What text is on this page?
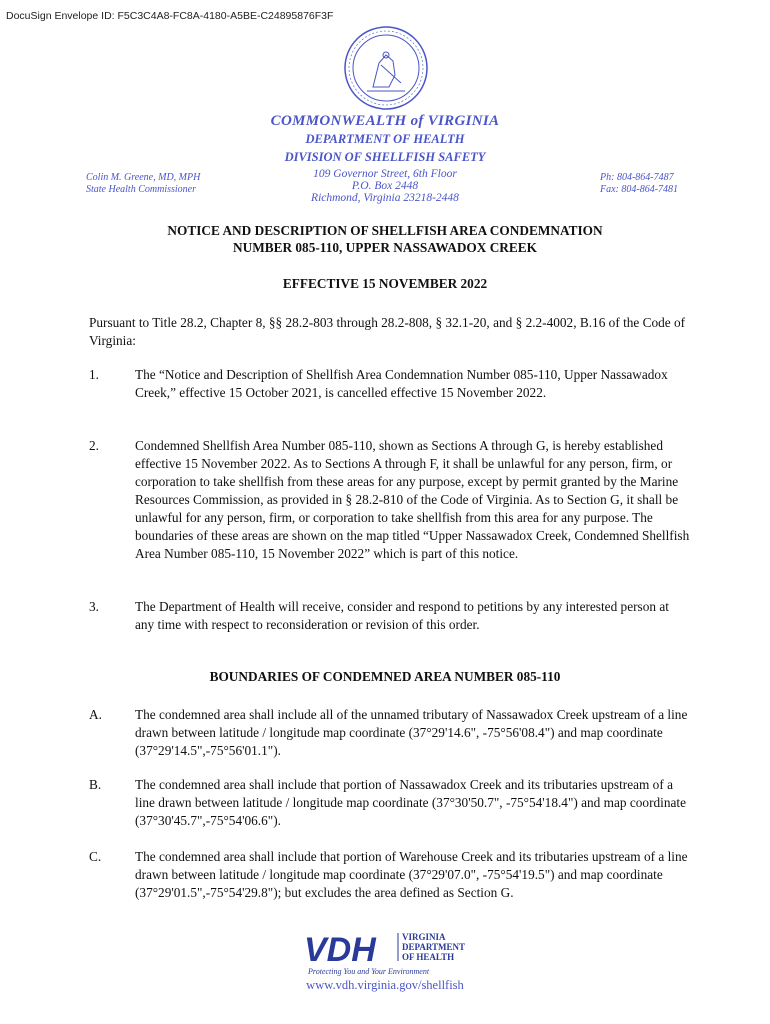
DocuSign Envelope ID: F5C3C4A8-FC8A-4180-A5BE-C24895876F3F
COMMONWEALTH of VIRGINIA
DEPARTMENT OF HEALTH
DIVISION OF SHELLFISH SAFETY
109 Governor Street, 6th Floor
P.O. Box 2448
Richmond, Virginia 23218-2448
Colin M. Greene, MD, MPH
State Health Commissioner
Ph: 804-864-7487
Fax: 804-864-7481
NOTICE AND DESCRIPTION OF SHELLFISH AREA CONDEMNATION
NUMBER 085-110, UPPER NASSAWADOX CREEK
EFFECTIVE 15 NOVEMBER 2022
Pursuant to Title 28.2, Chapter 8, §§ 28.2-803 through 28.2-808, § 32.1-20, and § 2.2-4002, B.16 of the Code of Virginia:
1.	The “Notice and Description of Shellfish Area Condemnation Number 085-110, Upper Nassawadox Creek,” effective 15 October 2021, is cancelled effective 15 November 2022.
2.	Condemned Shellfish Area Number 085-110, shown as Sections A through G, is hereby established effective 15 November 2022. As to Sections A through F, it shall be unlawful for any person, firm, or corporation to take shellfish from these areas for any purpose, except by permit granted by the Marine Resources Commission, as provided in § 28.2-810 of the Code of Virginia. As to Section G, it shall be unlawful for any person, firm, or corporation to take shellfish from this area for any purpose. The boundaries of these areas are shown on the map titled “Upper Nassawadox Creek, Condemned Shellfish Area Number 085-110, 15 November 2022” which is part of this notice.
3.	The Department of Health will receive, consider and respond to petitions by any interested person at any time with respect to reconsideration or revision of this order.
BOUNDARIES OF CONDEMNED AREA NUMBER 085-110
A. The condemned area shall include all of the unnamed tributary of Nassawadox Creek upstream of a line drawn between latitude / longitude map coordinate (37°29'14.6", -75°56'08.4") and map coordinate (37°29'14.5",-75°56'01.1").
B.	The condemned area shall include that portion of Nassawadox Creek and its tributaries upstream of a line drawn between latitude / longitude map coordinate (37°30'50.7", -75°54'18.4") and map coordinate (37°30'45.7",-75°54'06.6").
C.	The condemned area shall include that portion of Warehouse Creek and its tributaries upstream of a line drawn between latitude / longitude map coordinate (37°29'07.0", -75°54'19.5") and map coordinate (37°29'01.5",-75°54'29.8"); but excludes the area defined as Section G.
VDH	VIRGINIA
DEPARTMENT
OF HEALTH
Protecting You and Your Environment
www.vdh.virginia.gov/shellfish
